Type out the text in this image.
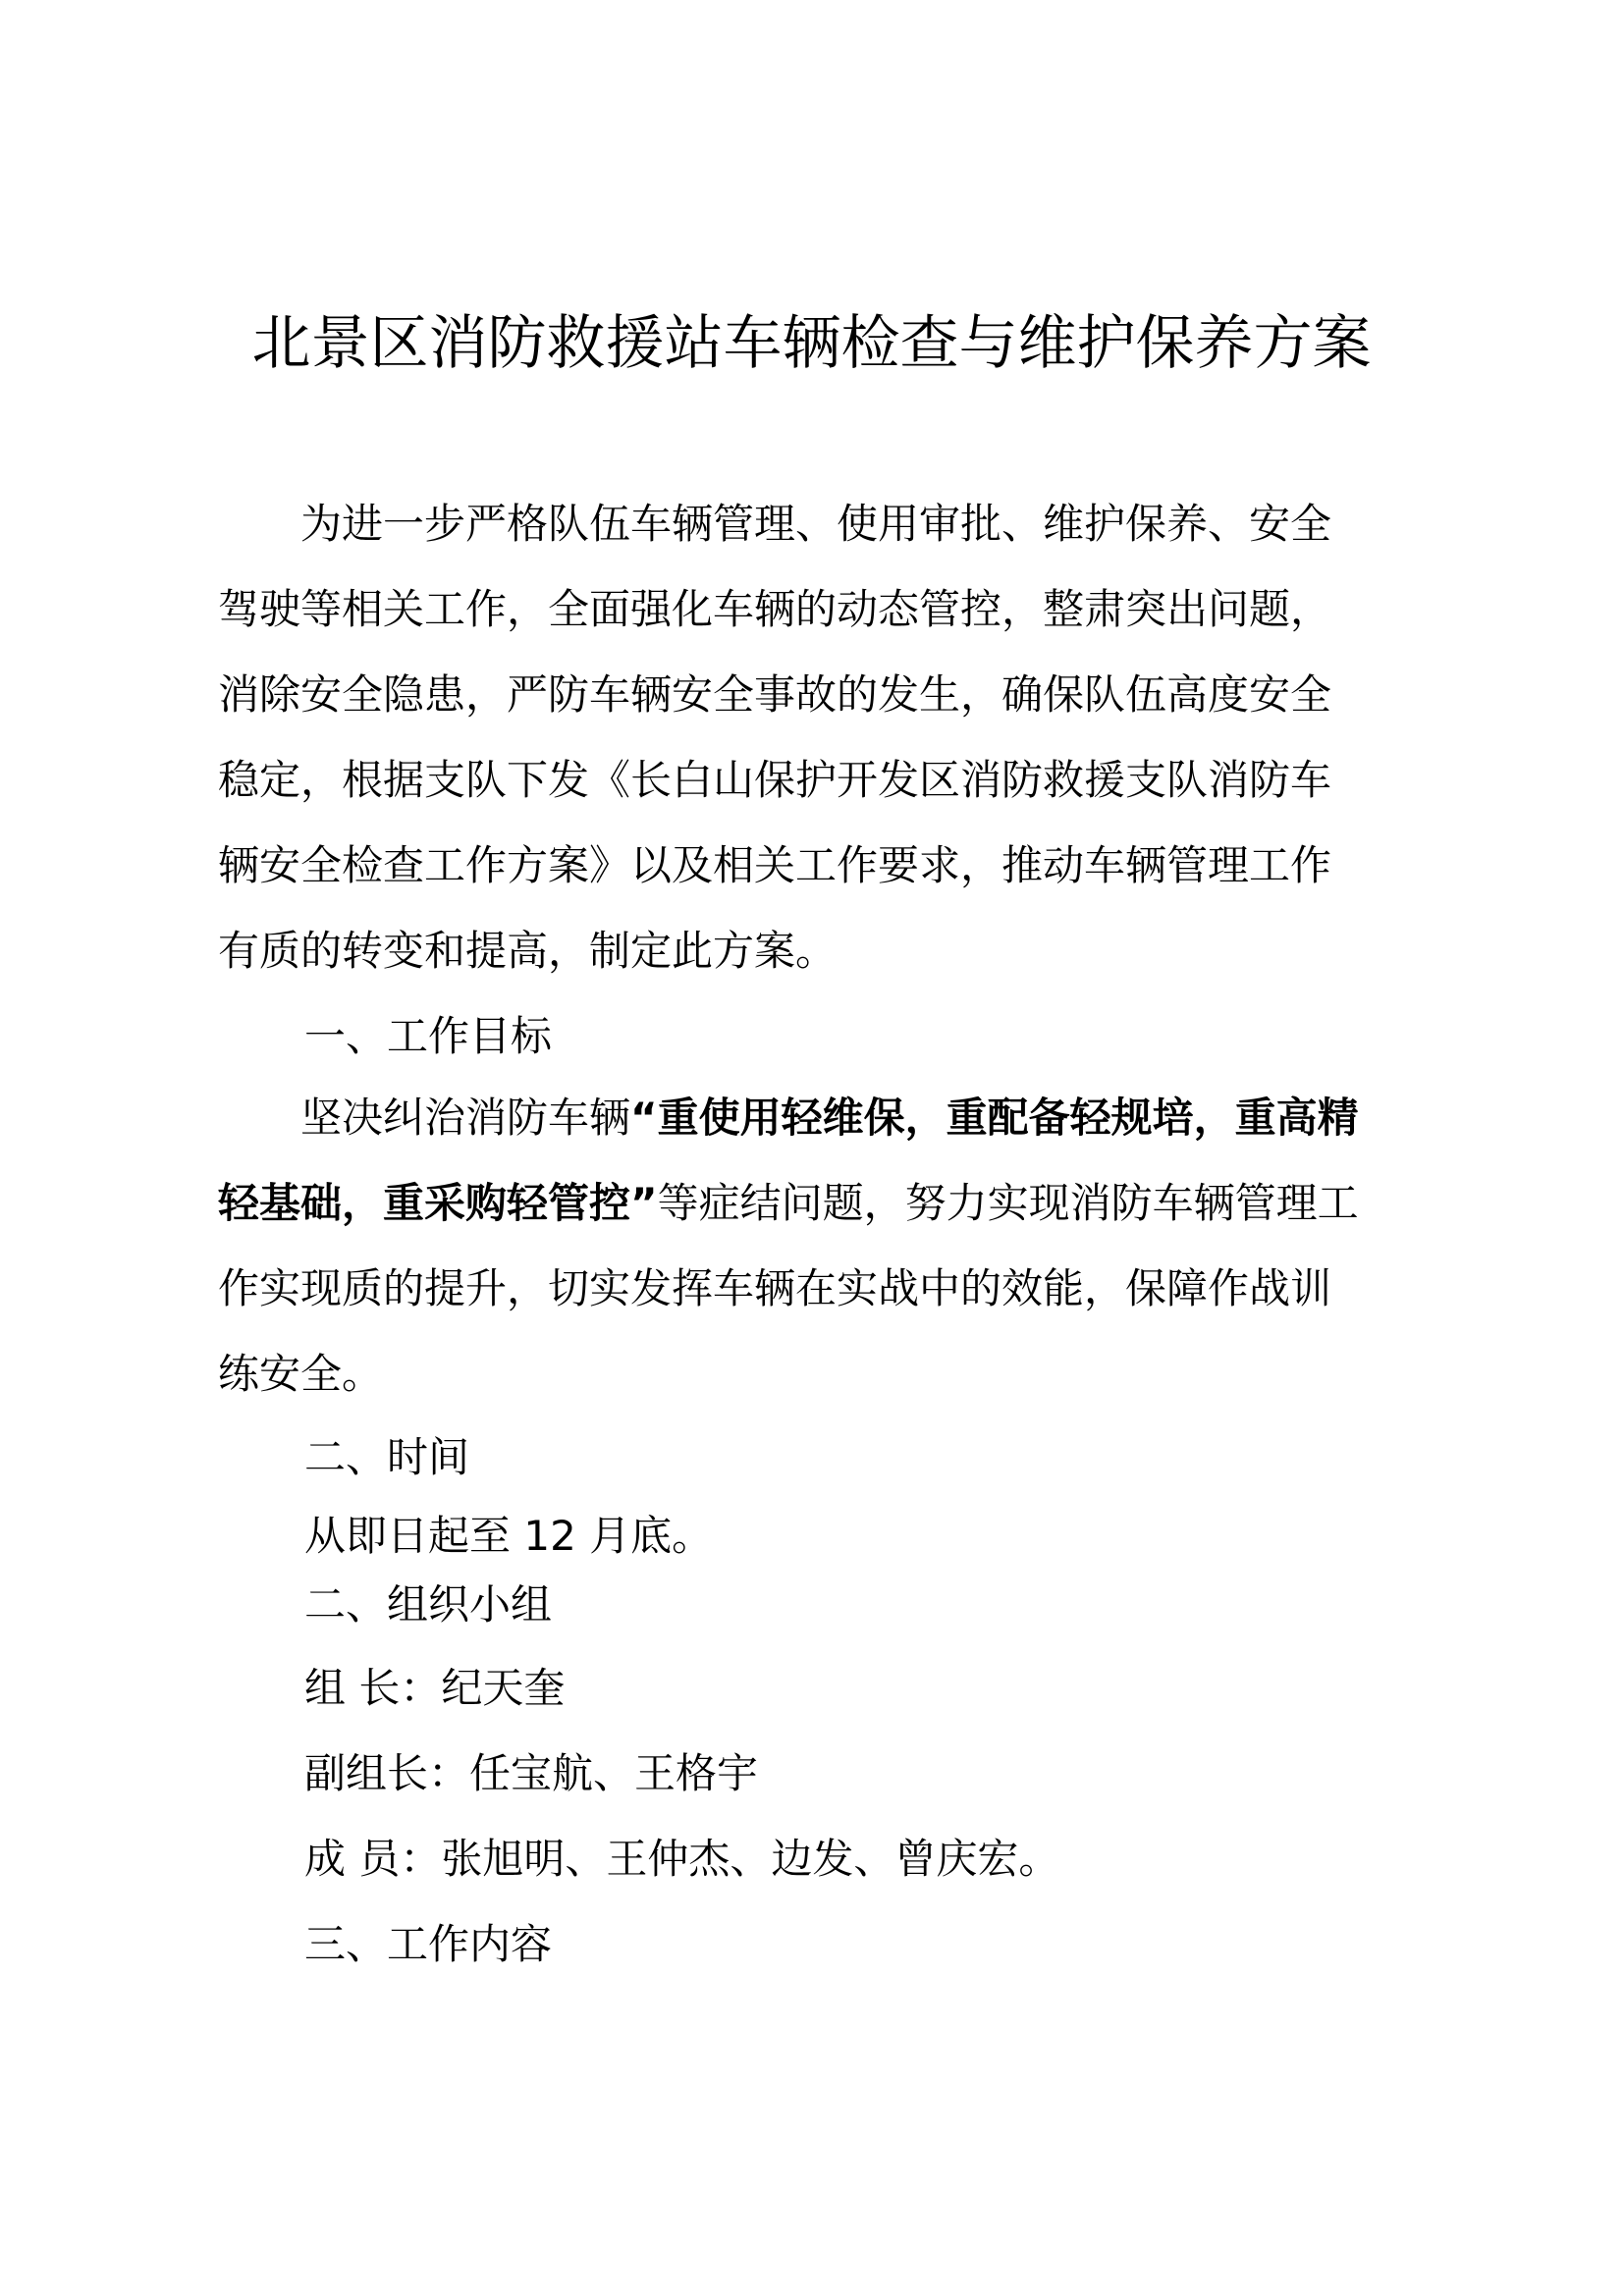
北景区消防救援站车辆检查与维护保养方案
　　为进一步严格队伍车辆管理、使用审批、维护保养、安全
驾驶等相关工作，全面强化车辆的动态管控，整肃突出问题，
消除安全隐患，严防车辆安全事故的发生，确保队伍高度安全
稳定，根据支队下发《长白山保护开发区消防救援支队消防车
辆安全检查工作方案》以及相关工作要求，推动车辆管理工作
有质的转变和提高，制定此方案。
一、工作目标
　　坚决纠治消防车辆“重使用轻维保，重配备轻规培，重高精
轻基础，重采购轻管控”等症结问题，努力实现消防车辆管理工
作实现质的提升，切实发挥车辆在实战中的效能，保障作战训
练安全。
二、时间
从即日起至 12 月底。
二、组织小组
组 长：纪天奎
副组长：任宝航、王格宇
成 员：张旭明、王仲杰、边发、曾庆宏。
三、工作内容
